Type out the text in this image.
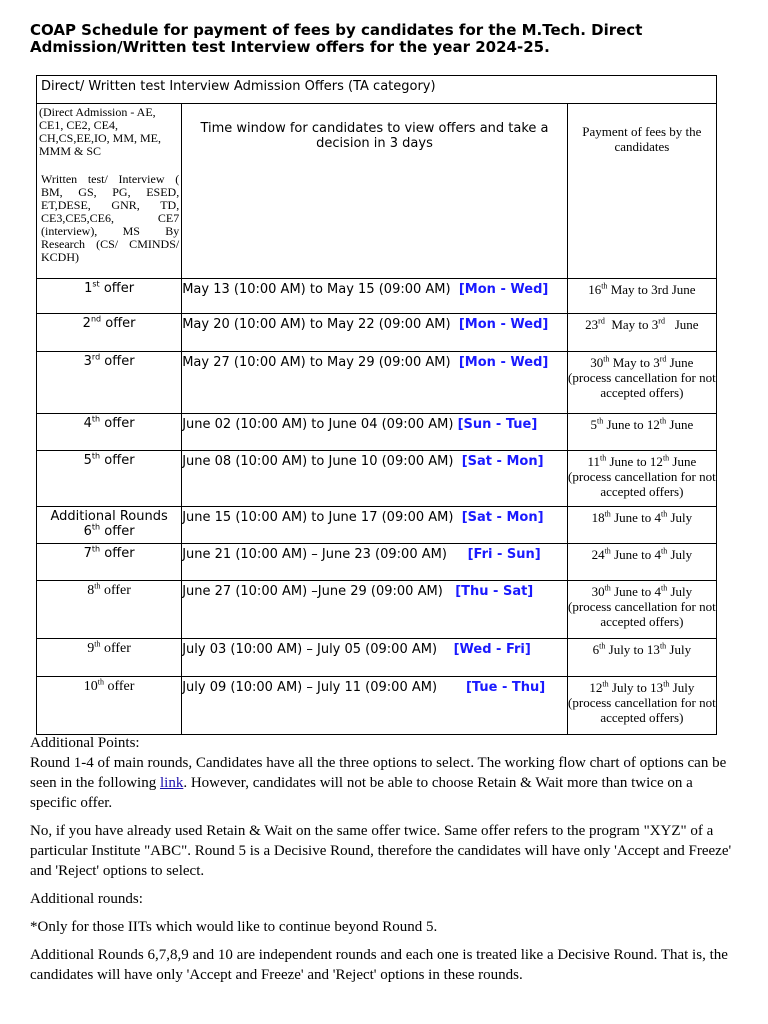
COAP Schedule for payment of fees by candidates for the M.Tech. Direct Admission/Written test Interview offers for the year 2024-25.
Direct/ Written test Interview Admission Offers (TA category)		

(Direct Admission - AE, CE1, CE2, CE4, CH,CS,EE,IO, MM, ME, MMM & SC
Written test/ Interview ( BM, GS, PG, ESED, ET,DESE, GNR, TD, CE3,CE5,CE6, CE7 (interview), MS By Research (CS/ CMINDS/ KCDH)	Time window for candidates to view offers and take a decision in 3 days	Payment of fees by the candidates
1st offer	May 13 (10:00 AM) to May 15 (09:00 AM) [Mon - Wed]	16th May to 3rd June
2nd offer	May 20 (10:00 AM) to May 22 (09:00 AM) [Mon - Wed]	23rd  May to 3rd   June
3rd offer	May 27 (10:00 AM) to May 29 (09:00 AM) [Mon - Wed]	30th May to 3rd June
(process cancellation for not accepted offers)
4th offer	June 02 (10:00 AM) to June 04 (09:00 AM) [Sun - Tue]	5th June to 12th June
5th offer	June 08 (10:00 AM) to June 10 (09:00 AM) [Sat - Mon]	11th June to 12th June
(process cancellation for not accepted offers)
Additional Rounds
6th offer	June 15 (10:00 AM) to June 17 (09:00 AM) [Sat - Mon]	18th June to 4th July
7th offer	June 21 (10:00 AM) – June 23 (09:00 AM) [Fri - Sun]	24th June to 4th July
8th offer	June 27 (10:00 AM) –June 29 (09:00 AM) [Thu - Sat]	30th June to 4th July
(process cancellation for not accepted offers)
9th offer	July 03 (10:00 AM) – July 05 (09:00 AM) [Wed - Fri]	6th July to 13th July
10th offer	July 09 (10:00 AM) – July 11 (09:00 AM) [Tue - Thu]	12th July to 13th July
(process cancellation for not accepted offers)

Additional Points:

Round 1-4 of main rounds, Candidates have all the three options to select. The working flow chart of options can be seen in the following link. However, candidates will not be able to choose Retain & Wait more than twice on a specific offer.

No, if you have already used Retain & Wait on the same offer twice. Same offer refers to the program "XYZ" of a particular Institute "ABC". Round 5 is a Decisive Round, therefore the candidates will have only 'Accept and Freeze' and 'Reject' options to select.

Additional rounds:

*Only for those IITs which would like to continue beyond Round 5.

Additional Rounds 6,7,8,9 and 10 are independent rounds and each one is treated like a Decisive Round. That is, the candidates will have only 'Accept and Freeze' and 'Reject' options in these rounds.
